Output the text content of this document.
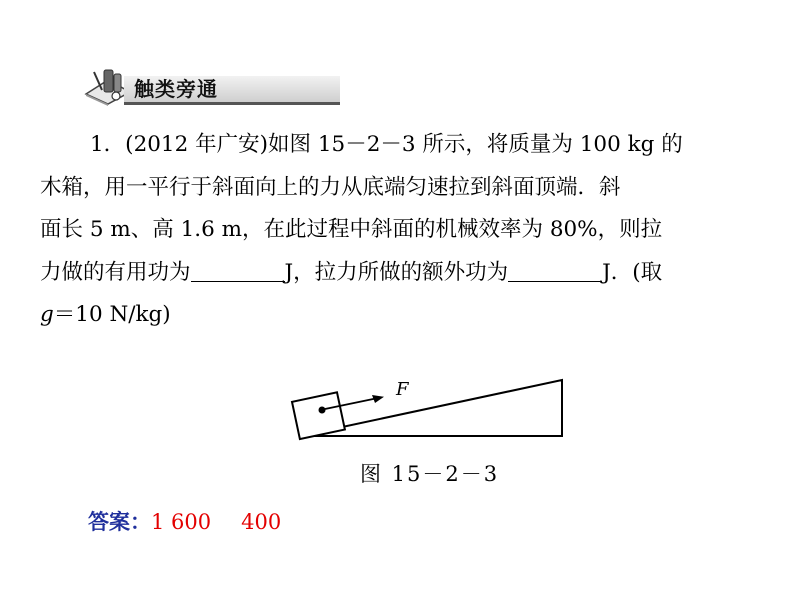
触类旁通

1．(2012 年广安)如图 15－2－3 所示，将质量为 100 kg 的

木箱，用一平行于斜面向上的力从底端匀速拉到斜面顶端．斜

面长 5 m、高 1.6 m，在此过程中斜面的机械效率为 80%，则拉

力做的有用功为	J，拉力所做的额外功为	J．(取

g＝10 N/kg)

F
图 15－2－3
答案：1 600 400
